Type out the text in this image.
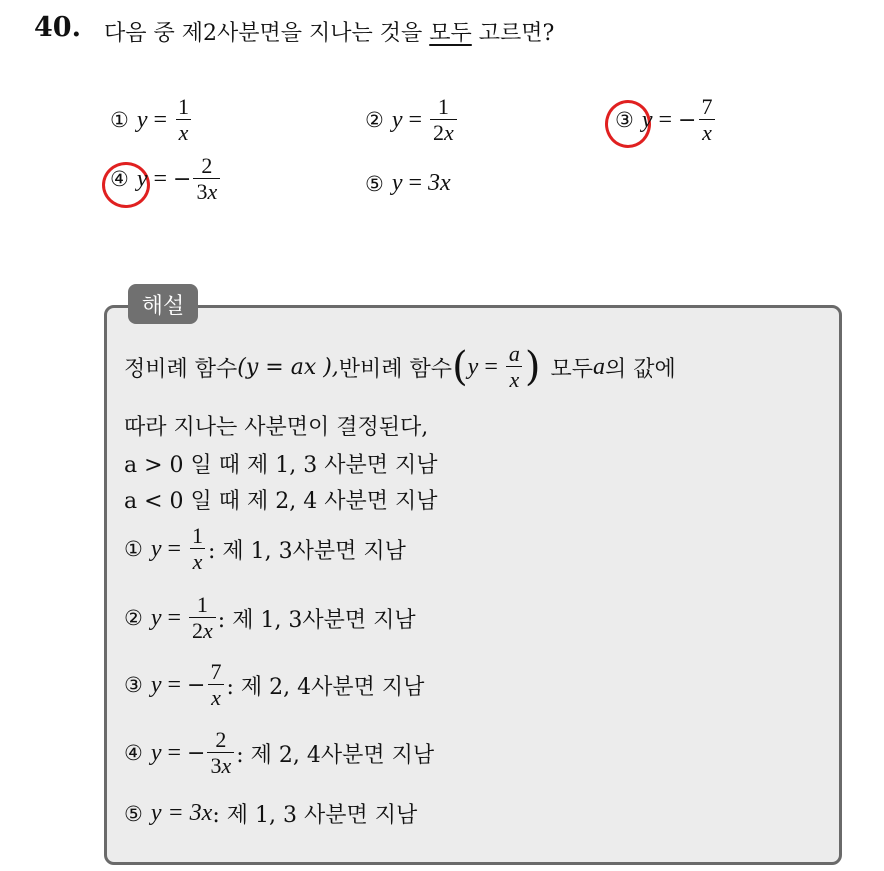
40. 다음 중 제2사분면을 지나는 것을 모두 고르면?
① $y = \frac{1}{x}$	② $y = \frac{1}{2x}$	③ y = − $\frac{7}{x}$
④ y = − $\frac{2}{3x}$	⑤ y = 3x
해설
정비례 함수 (y = ax ), 반비례 함수 ( $y = \frac{a}{x}$ ) 모두 a 의 값에
따라 지나는 사분면이 결정된다,
a > 0 일 때 제 1, 3 사분면 지남
a < 0 일 때 제 2, 4 사분면 지남
① $y = \frac{1}{x}$ : 제 1, 3사분면 지남
② $y = \frac{1}{2x}$ : 제 1, 3사분면 지남
③ y = − $\frac{7}{x}$ : 제 2, 4사분면 지남
④ y = − $\frac{2}{3x}$ : 제 2, 4사분면 지남
⑤ y = 3x : 제 1, 3 사분면 지남
